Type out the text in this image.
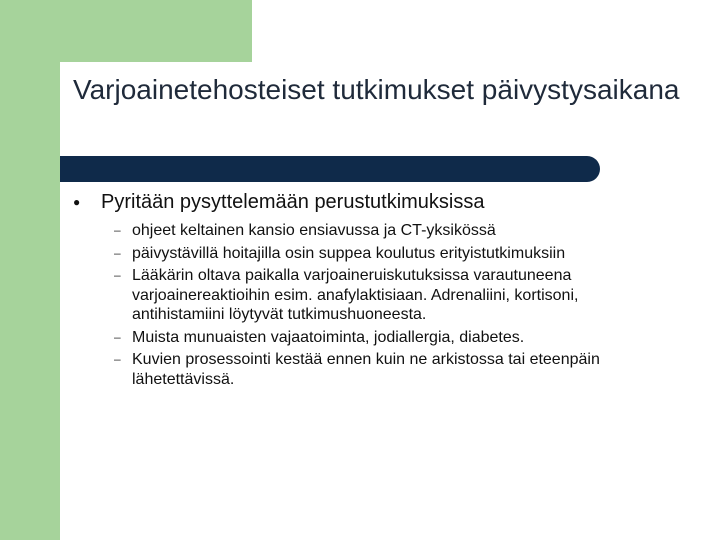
Varjoainetehosteiset tutkimukset päivystysaikana
●	Pyritään pysyttelemään perustutkimuksissa
– ohjeet keltainen kansio ensiavussa ja CT-yksikössä
– päivystävillä hoitajilla osin suppea koulutus erityistutkimuksiin
– Lääkärin oltava paikalla varjoaineruiskutuksissa varautuneena varjoainereaktioihin esim. anafylaktisiaan. Adrenaliini, kortisoni, antihistamiini löytyvät tutkimushuoneesta.
– Muista munuaisten vajaatoiminta, jodiallergia, diabetes.
– Kuvien prosessointi kestää ennen kuin ne arkistossa tai eteenpäin lähetettävissä.
